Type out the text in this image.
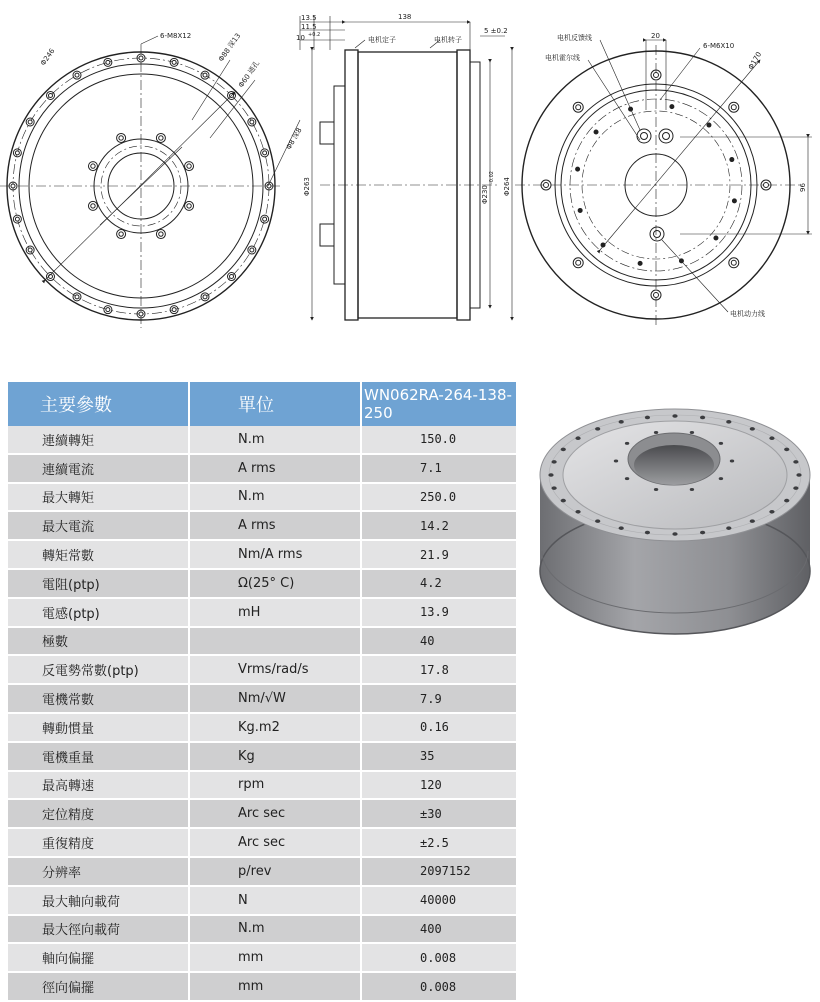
6-M8X12
Φ246	Φ88 深13
Φ60 通孔
Φ8 深8
13.5
11.5
10 +0.2
138
5 ±0.2
电机定子	电机转子
Φ263	Φ230
-0.02 Φ264
电机反馈线
电机霍尔线
20
6-M6X10
Φ170
96
电机动力线
主要參數	單位	WN062RA-264-138-250
連續轉矩	N.m	150.0
連續電流	A rms	7.1
最大轉矩	N.m	250.0
最大電流	A rms	14.2
轉矩常數	Nm/A rms	21.9
電阻(ptp)	Ω(25° C)	4.2
電感(ptp)	mH	13.9
極數		40
反電勢常數(ptp)	Vrms/rad/s	17.8
電機常數	Nm/√W	7.9
轉動慣量	Kg.m2	0.16
電機重量	Kg	35
最高轉速	rpm	120
定位精度	Arc sec	±30
重復精度	Arc sec	±2.5
分辨率	p/rev	2097152
最大軸向載荷	N	40000
最大徑向載荷	N.m	400
軸向偏擺	mm	0.008
徑向偏擺	mm	0.008
